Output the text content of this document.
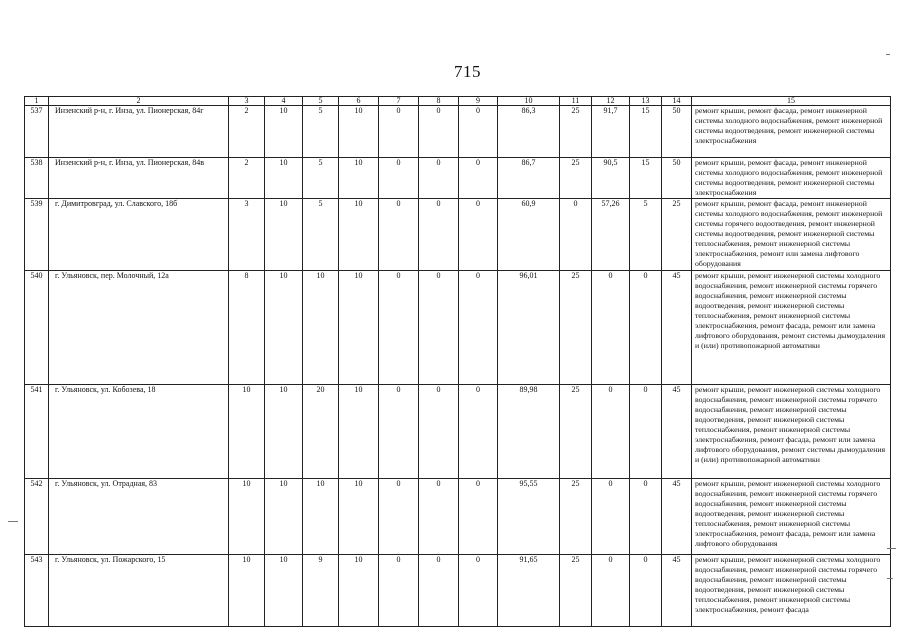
715
1	2	3	4	5	6	7	8	9	10	11	12	13	14	15
537	Инзенский р-н, г. Инза, ул. Пионерская, 84г	2	10	5	10	0	0	0	86,3	25	91,7	15	50	ремонт крыши, ремонт фасада, ремонт инженерной системы холодного водоснабжения, ремонт инженерной системы водоотведения, ремонт инженерной системы электроснабжения
538	Инзенский р-н, г. Инза, ул. Пионерская, 84в	2	10	5	10	0	0	0	86,7	25	90,5	15	50	ремонт крыши, ремонт фасада, ремонт инженерной системы холодного водоснабжения, ремонт инженерной системы водоотведения, ремонт инженерной системы электроснабжения
539	г. Димитровград, ул. Славского, 18б	3	10	5	10	0	0	0	60,9	0	57,26	5	25	ремонт крыши, ремонт фасада, ремонт инженерной системы холодного водоснабжения, ремонт инженерной системы горячего водоотведения, ремонт инженерной системы водоотведения, ремонт инженерной системы теплоснабжения, ремонт инженерной системы электроснабжения, ремонт или замена лифтового оборудования
540	г. Ульяновск, пер. Молочный, 12а	8	10	10	10	0	0	0	96,01	25	0	0	45	ремонт крыши, ремонт инженерной системы холодного водоснабжения, ремонт инженерной системы горячего водоснабжения, ремонт инженерной системы водоотведения, ремонт инженерной системы теплоснабжения, ремонт инженерной системы электроснабжения, ремонт фасада, ремонт или замена лифтового оборудования, ремонт системы дымоудаления и (или) противопожарной автоматики
541	г. Ульяновск, ул. Кобозева, 18	10	10	20	10	0	0	0	89,98	25	0	0	45	ремонт крыши, ремонт инженерной системы холодного водоснабжения, ремонт инженерной системы горячего водоснабжения, ремонт инженерной системы водоотведения, ремонт инженерной системы теплоснабжения, ремонт инженерной системы электроснабжения, ремонт фасада, ремонт или замена лифтового оборудования, ремонт системы дымоудаления и (или) противопожарной автоматики
542	г. Ульяновск, ул. Отрадная, 83	10	10	10	10	0	0	0	95,55	25	0	0	45	ремонт крыши, ремонт инженерной системы холодного водоснабжения, ремонт инженерной системы горячего водоснабжения, ремонт инженерной системы водоотведения, ремонт инженерной системы теплоснабжения, ремонт инженерной системы электроснабжения, ремонт фасада, ремонт или замена лифтового оборудования
543	г. Ульяновск, ул. Пожарского, 15	10	10	9	10	0	0	0	91,65	25	0	0	45	ремонт крыши, ремонт инженерной системы холодного водоснабжения, ремонт инженерной системы горячего водоснабжения, ремонт инженерной системы водоотведения, ремонт инженерной системы теплоснабжения, ремонт инженерной системы электроснабжения, ремонт фасада
